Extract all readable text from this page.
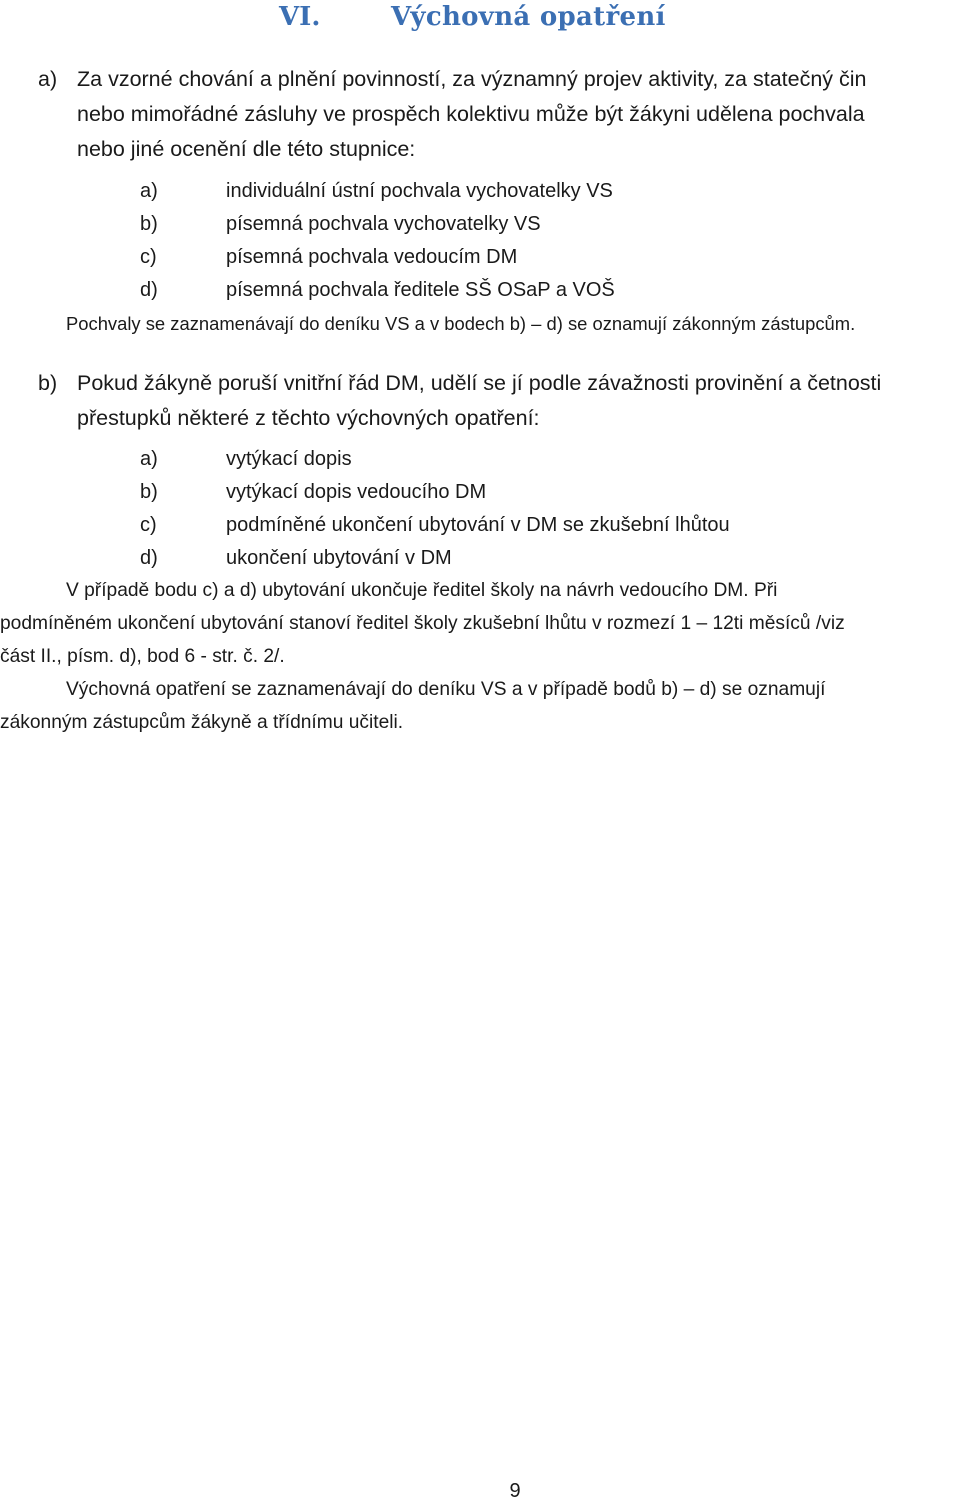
VI.	Výchovná opatření
a) Za vzorné chování a plnění povinností, za významný projev aktivity, za statečný čin
nebo mimořádné zásluhy ve prospěch kolektivu může být žákyni udělena pochvala
nebo jiné ocenění dle této stupnice:
a)	individuální ústní pochvala vychovatelky VS
b)	písemná pochvala vychovatelky VS
c)	písemná pochvala vedoucím DM
d)	písemná pochvala ředitele SŠ OSaP a VOŠ
Pochvaly se zaznamenávají do deníku VS a v bodech b) – d) se oznamují zákonným zástupcům.
b) Pokud žákyně poruší vnitřní řád DM, udělí se jí podle závažnosti provinění a četnosti
přestupků některé z těchto výchovných opatření:
a)	vytýkací dopis
b)	vytýkací dopis vedoucího DM
c)	podmíněné ukončení ubytování v DM se zkušební lhůtou
d)	ukončení ubytování v DM
V případě bodu c) a d) ubytování ukončuje ředitel školy na návrh vedoucího DM. Při
podmíněném ukončení ubytování stanoví ředitel školy zkušební lhůtu v rozmezí 1 – 12ti měsíců /viz
část II., písm. d), bod 6 - str. č. 2/.
Výchovná opatření se zaznamenávají do deníku VS a v případě bodů b) – d) se oznamují
zákonným zástupcům žákyně a třídnímu učiteli.
9
